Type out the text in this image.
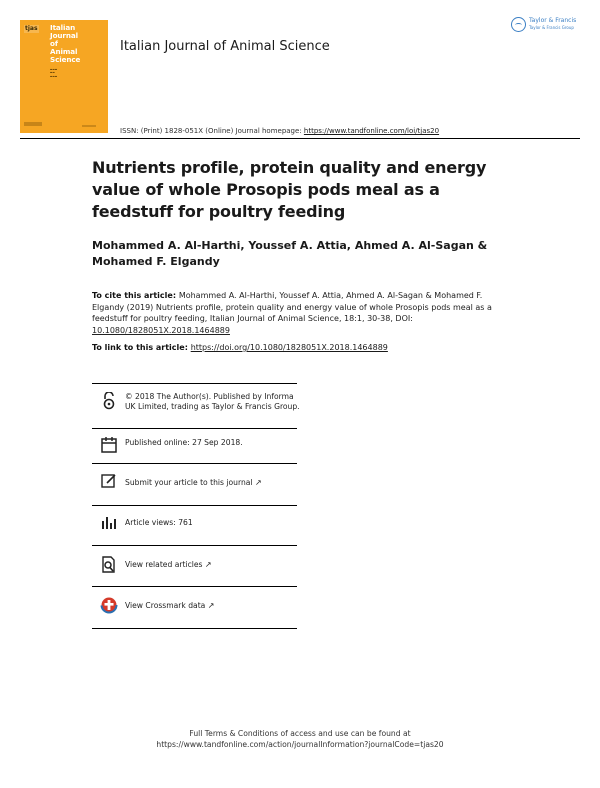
tjas Italian
Journal
of
Animal
Science
▬▬▬
▬▬
▬▬▬
Italian Journal of Animal Science
Taylor & Francis
Taylor & Francis Group
ISSN: (Print) 1828-051X (Online) Journal homepage: https://www.tandfonline.com/loi/tjas20
Nutrients profile, protein quality and energy value of whole Prosopis pods meal as a feedstuff for poultry feeding
Mohammed A. Al-Harthi, Youssef A. Attia, Ahmed A. Al-Sagan & Mohamed F. Elgandy
To cite this article: Mohammed A. Al-Harthi, Youssef A. Attia, Ahmed A. Al-Sagan & Mohamed F. Elgandy (2019) Nutrients profile, protein quality and energy value of whole Prosopis pods meal as a feedstuff for poultry feeding, Italian Journal of Animal Science, 18:1, 30-38, DOI: 10.1080/1828051X.2018.1464889
To link to this article: https://doi.org/10.1080/1828051X.2018.1464889
© 2018 The Author(s). Published by Informa UK Limited, trading as Taylor & Francis Group.
Published online: 27 Sep 2018.
Submit your article to this journal ↗
Article views: 761
View related articles ↗
View Crossmark data ↗
Full Terms & Conditions of access and use can be found at
https://www.tandfonline.com/action/journalInformation?journalCode=tjas20
